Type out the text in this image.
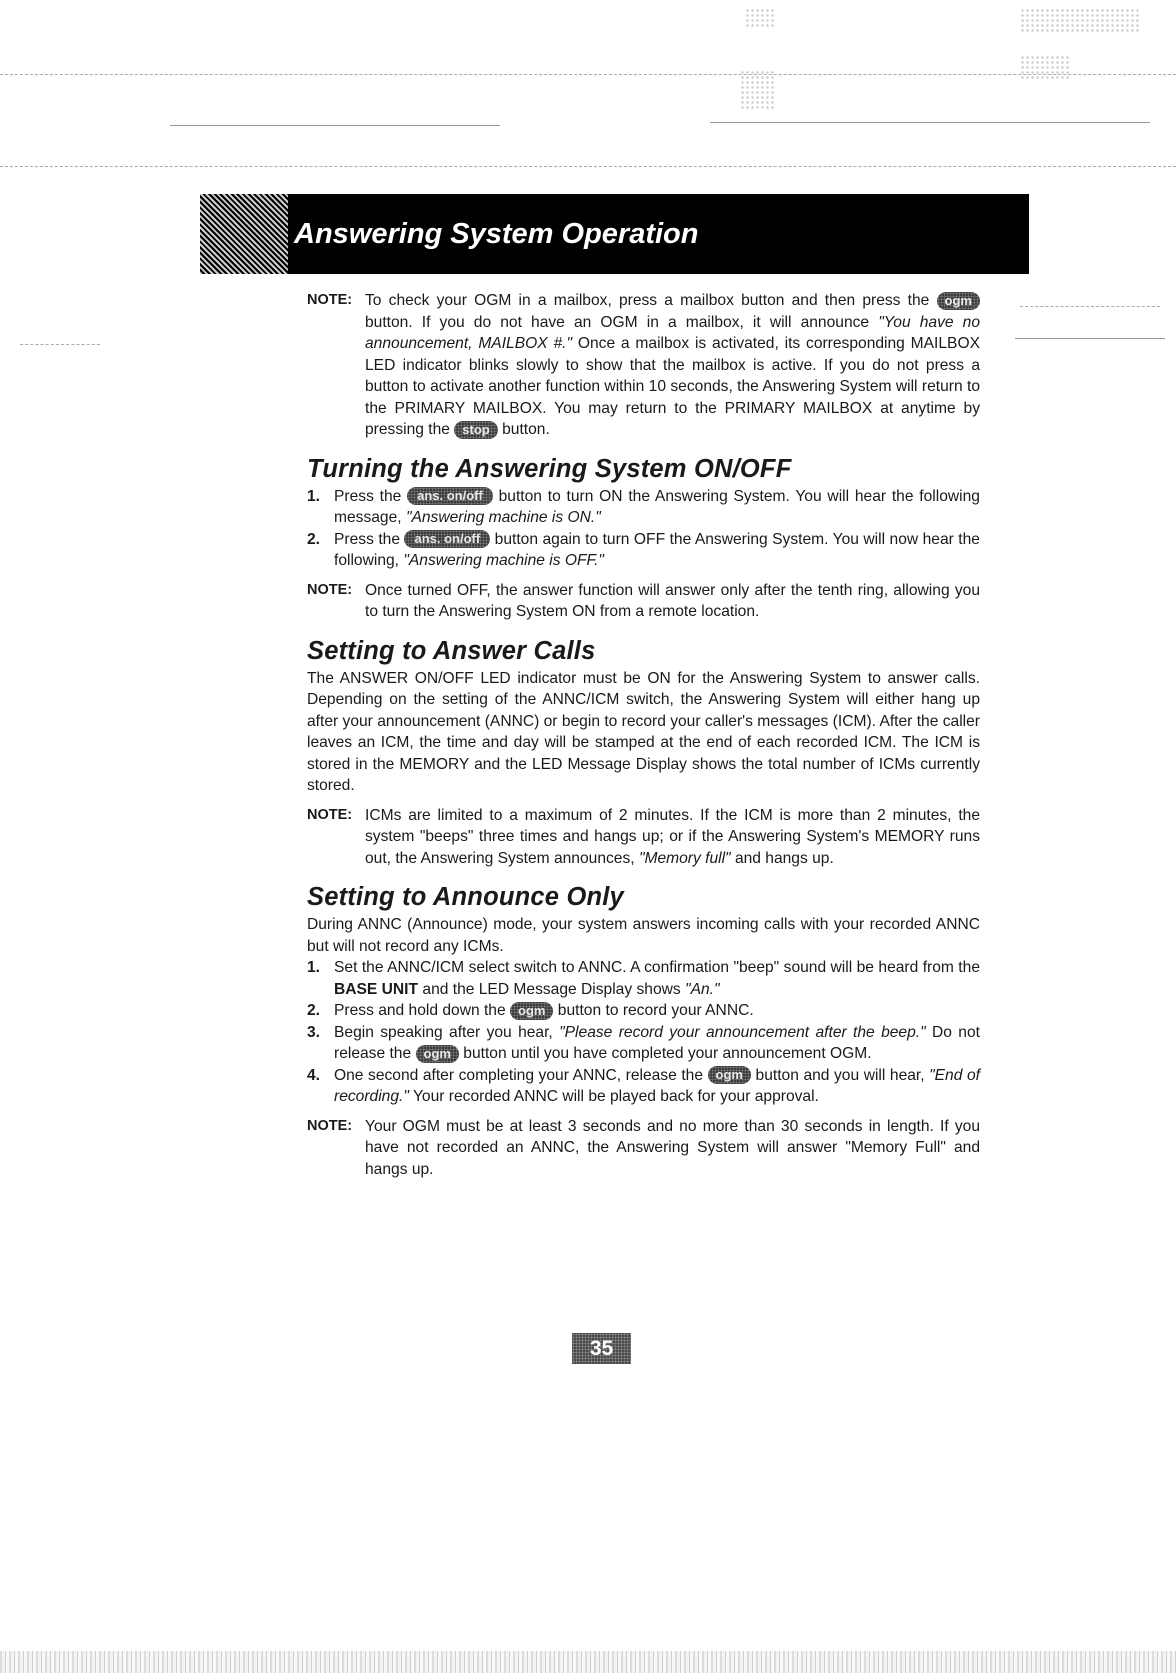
Answering System Operation
NOTE: To check your OGM in a mailbox, press a mailbox button and then press the ogm button. If you do not have an OGM in a mailbox, it will announce "You have no announcement, MAILBOX #." Once a mailbox is activated, its corresponding MAILBOX LED indicator blinks slowly to show that the mailbox is active. If you do not press a button to activate another function within 10 seconds, the Answering System will return to the PRIMARY MAILBOX. You may return to the PRIMARY MAILBOX at anytime by pressing the stop button.
Turning the Answering System ON/OFF
1. Press the ans. on/off button to turn ON the Answering System. You will hear the following message, "Answering machine is ON."
2. Press the ans. on/off button again to turn OFF the Answering System. You will now hear the following, "Answering machine is OFF."
NOTE: Once turned OFF, the answer function will answer only after the tenth ring, allowing you to turn the Answering System ON from a remote location.
Setting to Answer Calls

The ANSWER ON/OFF LED indicator must be ON for the Answering System to answer calls. Depending on the setting of the ANNC/ICM switch, the Answering System will either hang up after your announcement (ANNC) or begin to record your caller's messages (ICM). After the caller leaves an ICM, the time and day will be stamped at the end of each recorded ICM. The ICM is stored in the MEMORY and the LED Message Display shows the total number of ICMs currently stored.

NOTE: ICMs are limited to a maximum of 2 minutes. If the ICM is more than 2 minutes, the system "beeps" three times and hangs up; or if the Answering System's MEMORY runs out, the Answering System announces, "Memory full" and hangs up.
Setting to Announce Only

During ANNC (Announce) mode, your system answers incoming calls with your recorded ANNC but will not record any ICMs.

1. Set the ANNC/ICM select switch to ANNC. A confirmation "beep" sound will be heard from the BASE UNIT and the LED Message Display shows "An."
2. Press and hold down the ogm button to record your ANNC.
3. Begin speaking after you hear, "Please record your announcement after the beep." Do not release the ogm button until you have completed your announcement OGM.
4. One second after completing your ANNC, release the ogm button and you will hear, "End of recording." Your recorded ANNC will be played back for your approval.
NOTE: Your OGM must be at least 3 seconds and no more than 30 seconds in length. If you have not recorded an ANNC, the Answering System will answer "Memory Full" and hangs up.
35
